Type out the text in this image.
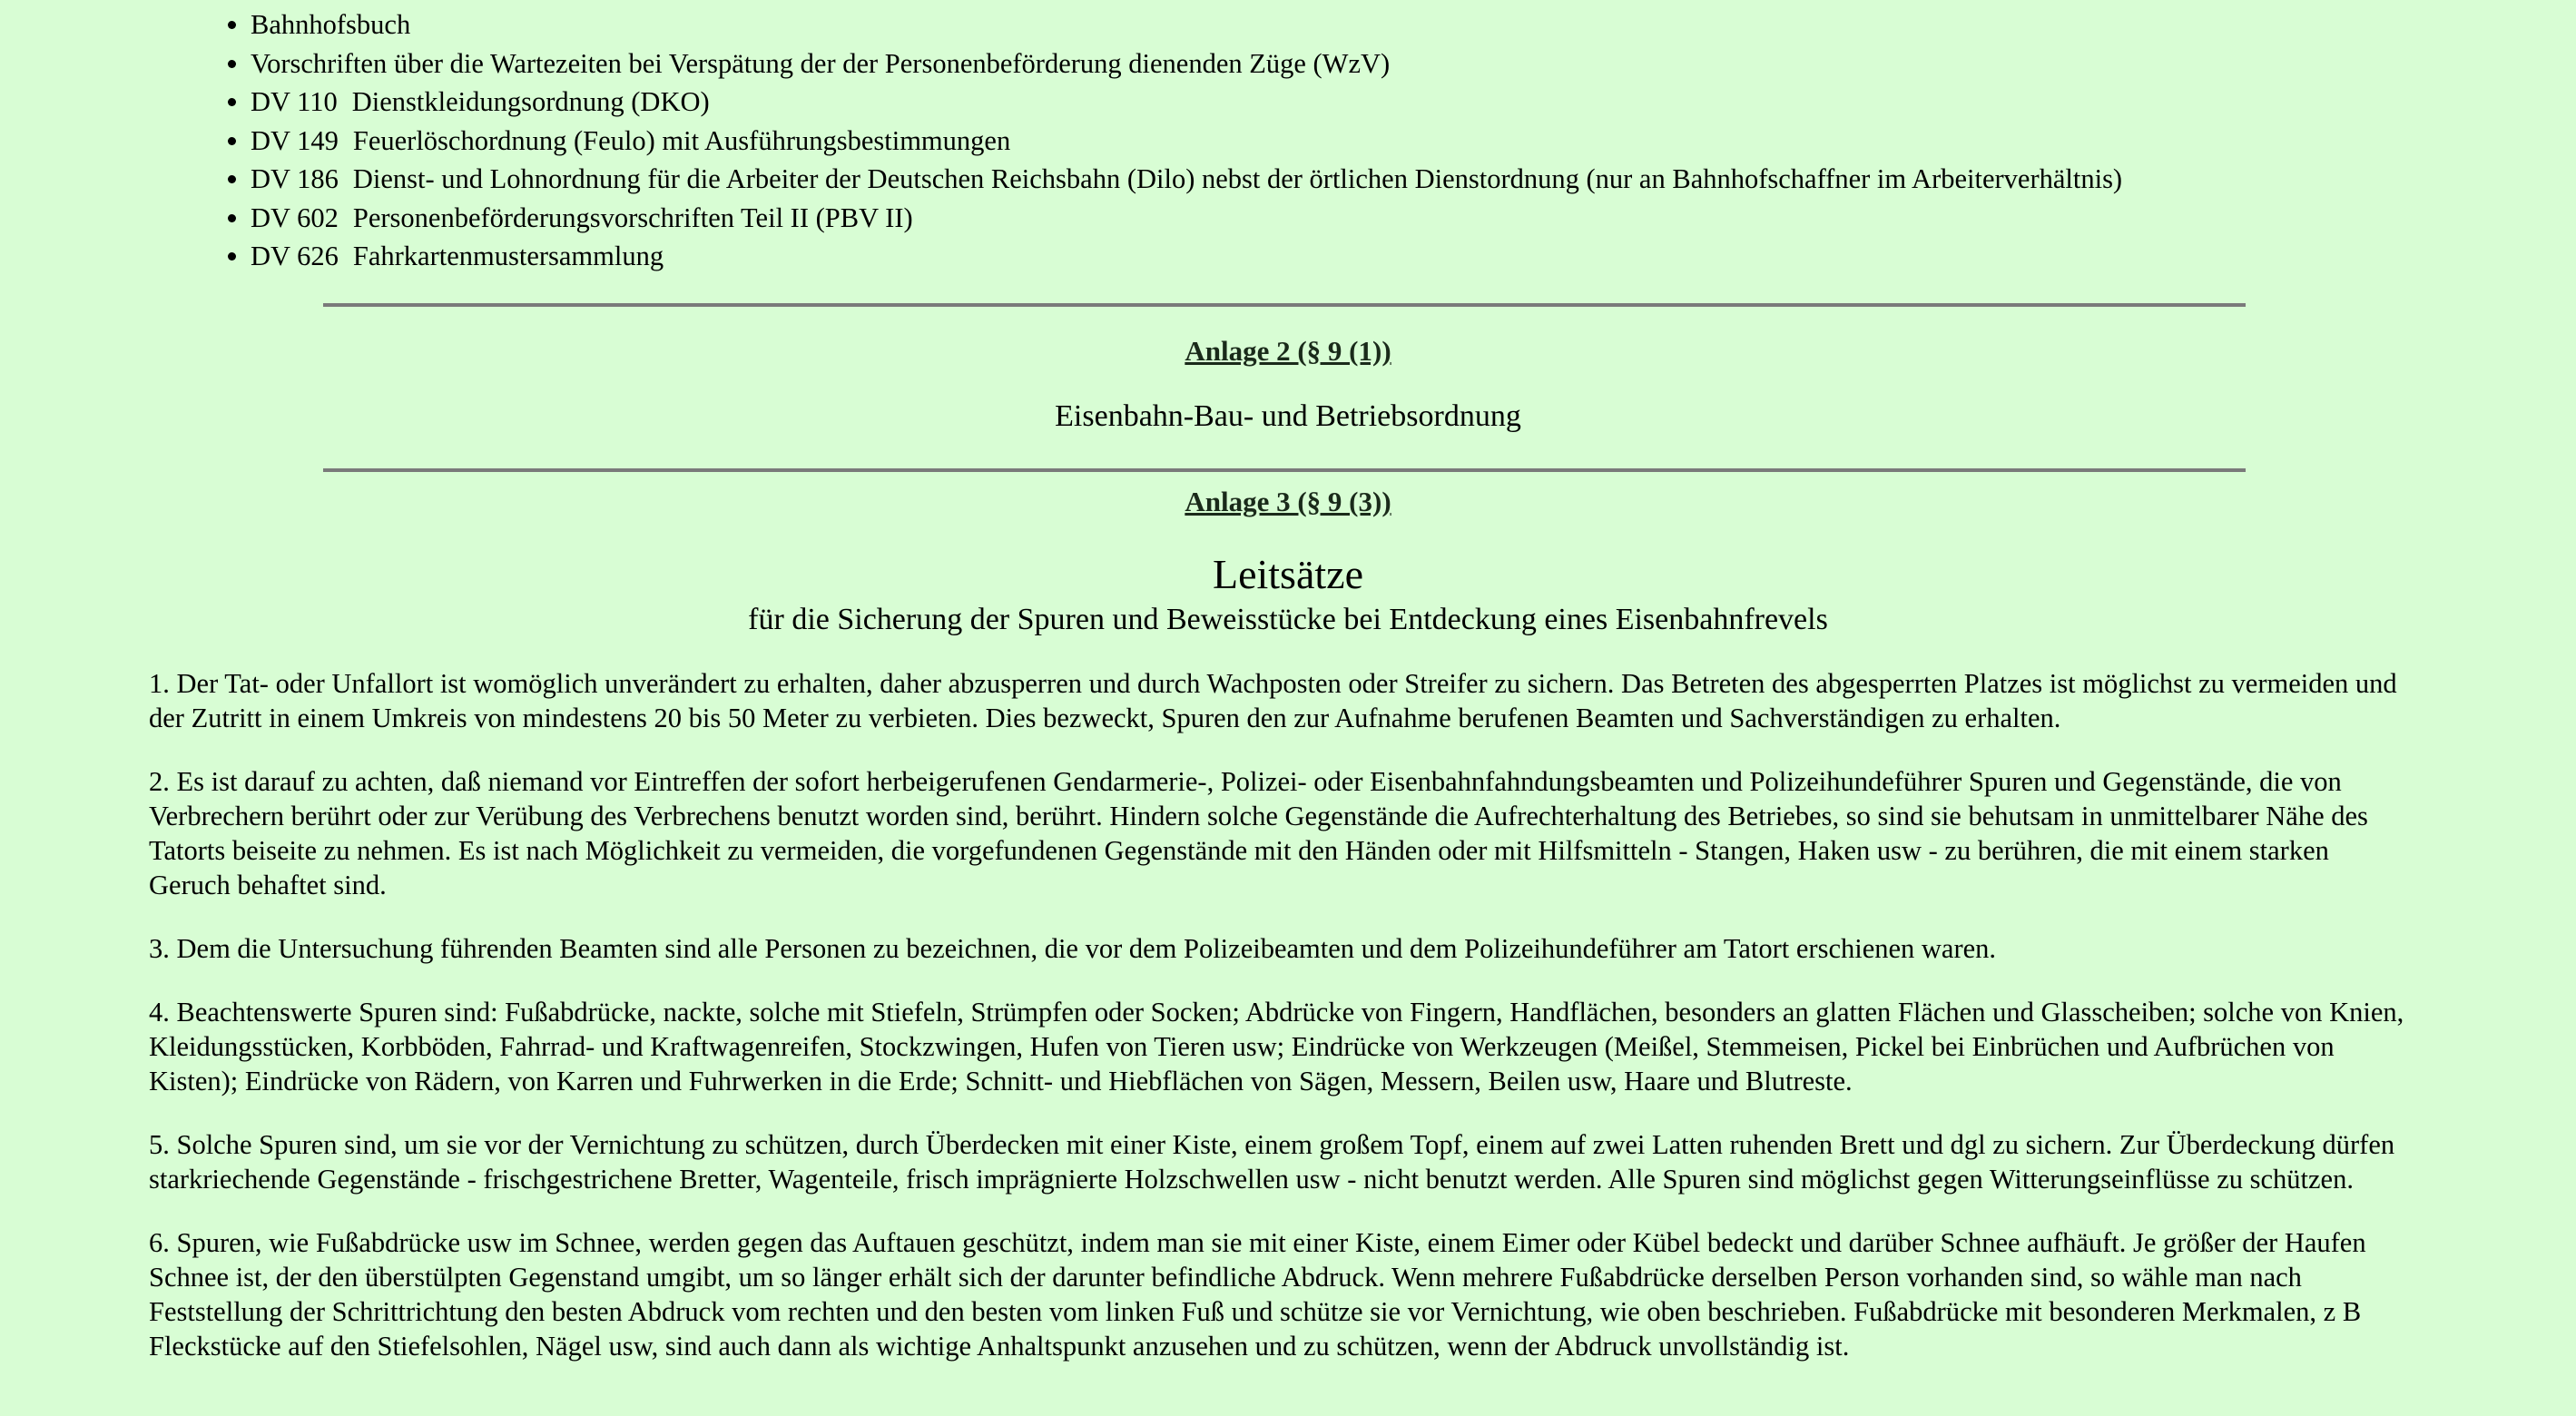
• Bahnhofsbuch
• Vorschriften über die Wartezeiten bei Verspätung der der Personenbeförderung dienenden Züge (WzV)
• DV 110 Dienstkleidungsordnung (DKO)
• DV 149 Feuerlöschordnung (Feulo) mit Ausführungsbestimmungen
• DV 186 Dienst- und Lohnordnung für die Arbeiter der Deutschen Reichsbahn (Dilo) nebst der örtlichen Dienstordnung (nur an Bahnhofschaffner im Arbeiterverhältnis)
• DV 602 Personenbeförderungsvorschriften Teil II (PBV II)
• DV 626 Fahrkartenmustersammlung
Anlage 2 (§ 9 (1))
Eisenbahn-Bau- und Betriebsordnung
Anlage 3 (§ 9 (3))
Leitsätze
für die Sicherung der Spuren und Beweisstücke bei Entdeckung eines Eisenbahnfrevels

1. Der Tat- oder Unfallort ist womöglich unverändert zu erhalten, daher abzusperren und durch Wachposten oder Streifer zu sichern. Das Betreten des abgesperrten Platzes ist möglichst zu vermeiden und der Zutritt in einem Umkreis von mindestens 20 bis 50 Meter zu verbieten. Dies bezweckt, Spuren den zur Aufnahme berufenen Beamten und Sachverständigen zu erhalten.

2. Es ist darauf zu achten, daß niemand vor Eintreffen der sofort herbeigerufenen Gendarmerie-, Polizei- oder Eisenbahnfahndungsbeamten und Polizeihundeführer Spuren und Gegenstände, die von Verbrechern berührt oder zur Verübung des Verbrechens benutzt worden sind, berührt. Hindern solche Gegenstände die Aufrechterhaltung des Betriebes, so sind sie behutsam in unmittelbarer Nähe des Tatorts beiseite zu nehmen. Es ist nach Möglichkeit zu vermeiden, die vorgefundenen Gegenstände mit den Händen oder mit Hilfsmitteln - Stangen, Haken usw - zu berühren, die mit einem starken Geruch behaftet sind.

3. Dem die Untersuchung führenden Beamten sind alle Personen zu bezeichnen, die vor dem Polizeibeamten und dem Polizeihundeführer am Tatort erschienen waren.

4. Beachtenswerte Spuren sind: Fußabdrücke, nackte, solche mit Stiefeln, Strümpfen oder Socken; Abdrücke von Fingern, Handflächen, besonders an glatten Flächen und Glasscheiben; solche von Knien, Kleidungsstücken, Korbböden, Fahrrad- und Kraftwagenreifen, Stockzwingen, Hufen von Tieren usw; Eindrücke von Werkzeugen (Meißel, Stemmeisen, Pickel bei Einbrüchen und Aufbrüchen von Kisten); Eindrücke von Rädern, von Karren und Fuhrwerken in die Erde; Schnitt- und Hiebflächen von Sägen, Messern, Beilen usw, Haare und Blutreste.

5. Solche Spuren sind, um sie vor der Vernichtung zu schützen, durch Überdecken mit einer Kiste, einem großem Topf, einem auf zwei Latten ruhenden Brett und dgl zu sichern. Zur Überdeckung dürfen starkriechende Gegenstände - frischgestrichene Bretter, Wagenteile, frisch imprägnierte Holzschwellen usw - nicht benutzt werden. Alle Spuren sind möglichst gegen Witterungseinflüsse zu schützen.

6. Spuren, wie Fußabdrücke usw im Schnee, werden gegen das Auftauen geschützt, indem man sie mit einer Kiste, einem Eimer oder Kübel bedeckt und darüber Schnee aufhäuft. Je größer der Haufen Schnee ist, der den überstülpten Gegenstand umgibt, um so länger erhält sich der darunter befindliche Abdruck. Wenn mehrere Fußabdrücke derselben Person vorhanden sind, so wähle man nach Feststellung der Schrittrichtung den besten Abdruck vom rechten und den besten vom linken Fuß und schütze sie vor Vernichtung, wie oben beschrieben. Fußabdrücke mit besonderen Merkmalen, z B Fleckstücke auf den Stiefelsohlen, Nägel usw, sind auch dann als wichtige Anhaltspunkt anzusehen und zu schützen, wenn der Abdruck unvollständig ist.
